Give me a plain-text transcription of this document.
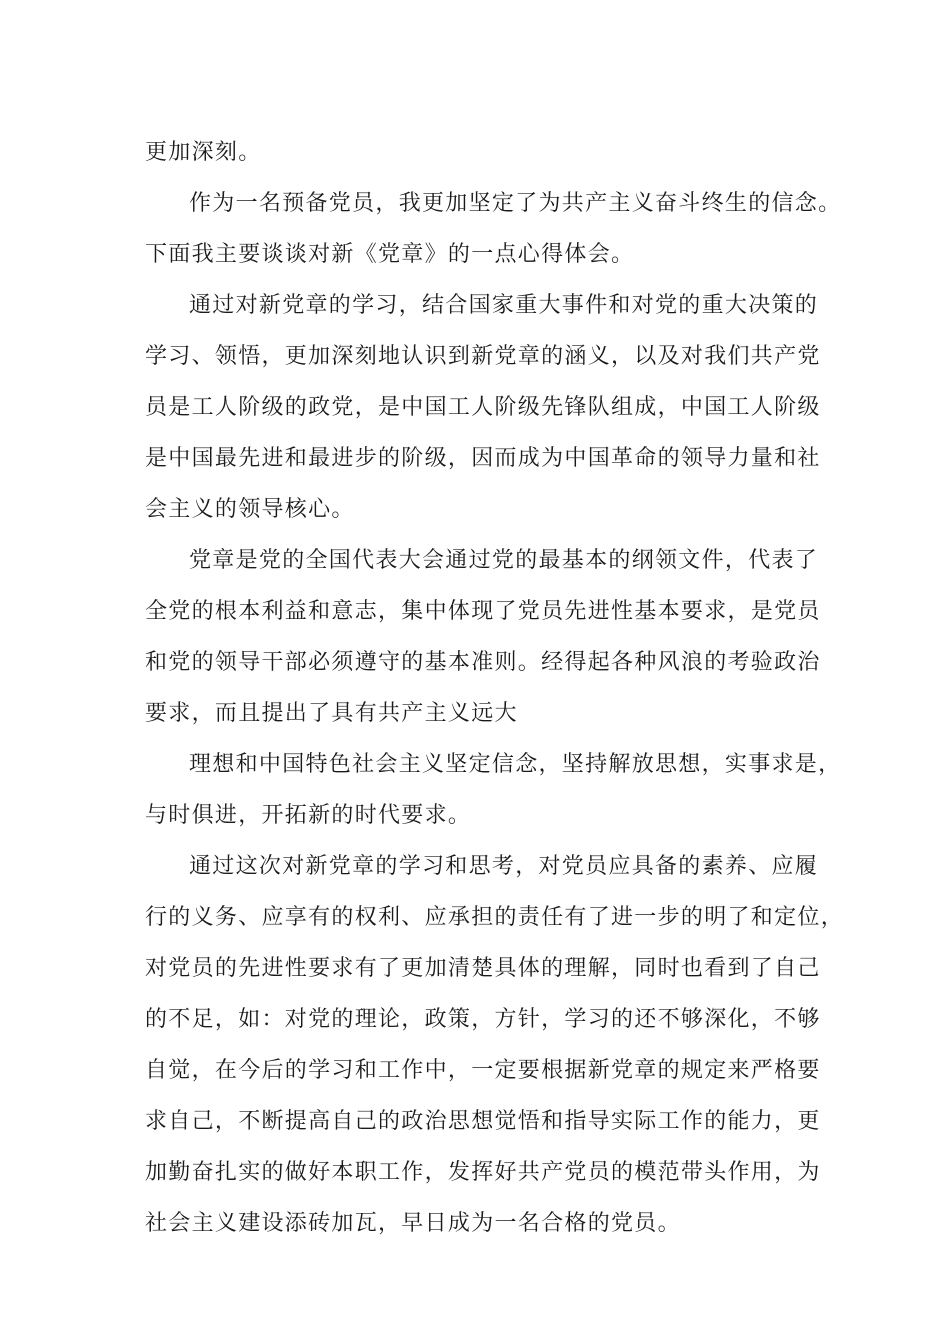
更加深刻。

作为一名预备党员，我更加坚定了为共产主义奋斗终生的信念。
下面我主要谈谈对新《党章》的一点心得体会。

通过对新党章的学习，结合国家重大事件和对党的重大决策的
学习、领悟，更加深刻地认识到新党章的涵义，以及对我们共产党
员是工人阶级的政党，是中国工人阶级先锋队组成，中国工人阶级
是中国最先进和最进步的阶级，因而成为中国革命的领导力量和社
会主义的领导核心。

党章是党的全国代表大会通过党的最基本的纲领文件，代表了
全党的根本利益和意志，集中体现了党员先进性基本要求，是党员
和党的领导干部必须遵守的基本准则。经得起各种风浪的考验政治
要求，而且提出了具有共产主义远大

理想和中国特色社会主义坚定信念，坚持解放思想，实事求是，
与时俱进，开拓新的时代要求。

通过这次对新党章的学习和思考，对党员应具备的素养、应履
行的义务、应享有的权利、应承担的责任有了进一步的明了和定位，
对党员的先进性要求有了更加清楚具体的理解，同时也看到了自己
的不足，如：对党的理论，政策，方针，学习的还不够深化，不够
自觉，在今后的学习和工作中，一定要根据新党章的规定来严格要
求自己，不断提高自己的政治思想觉悟和指导实际工作的能力，更
加勤奋扎实的做好本职工作，发挥好共产党员的模范带头作用，为
社会主义建设添砖加瓦，早日成为一名合格的党员。
